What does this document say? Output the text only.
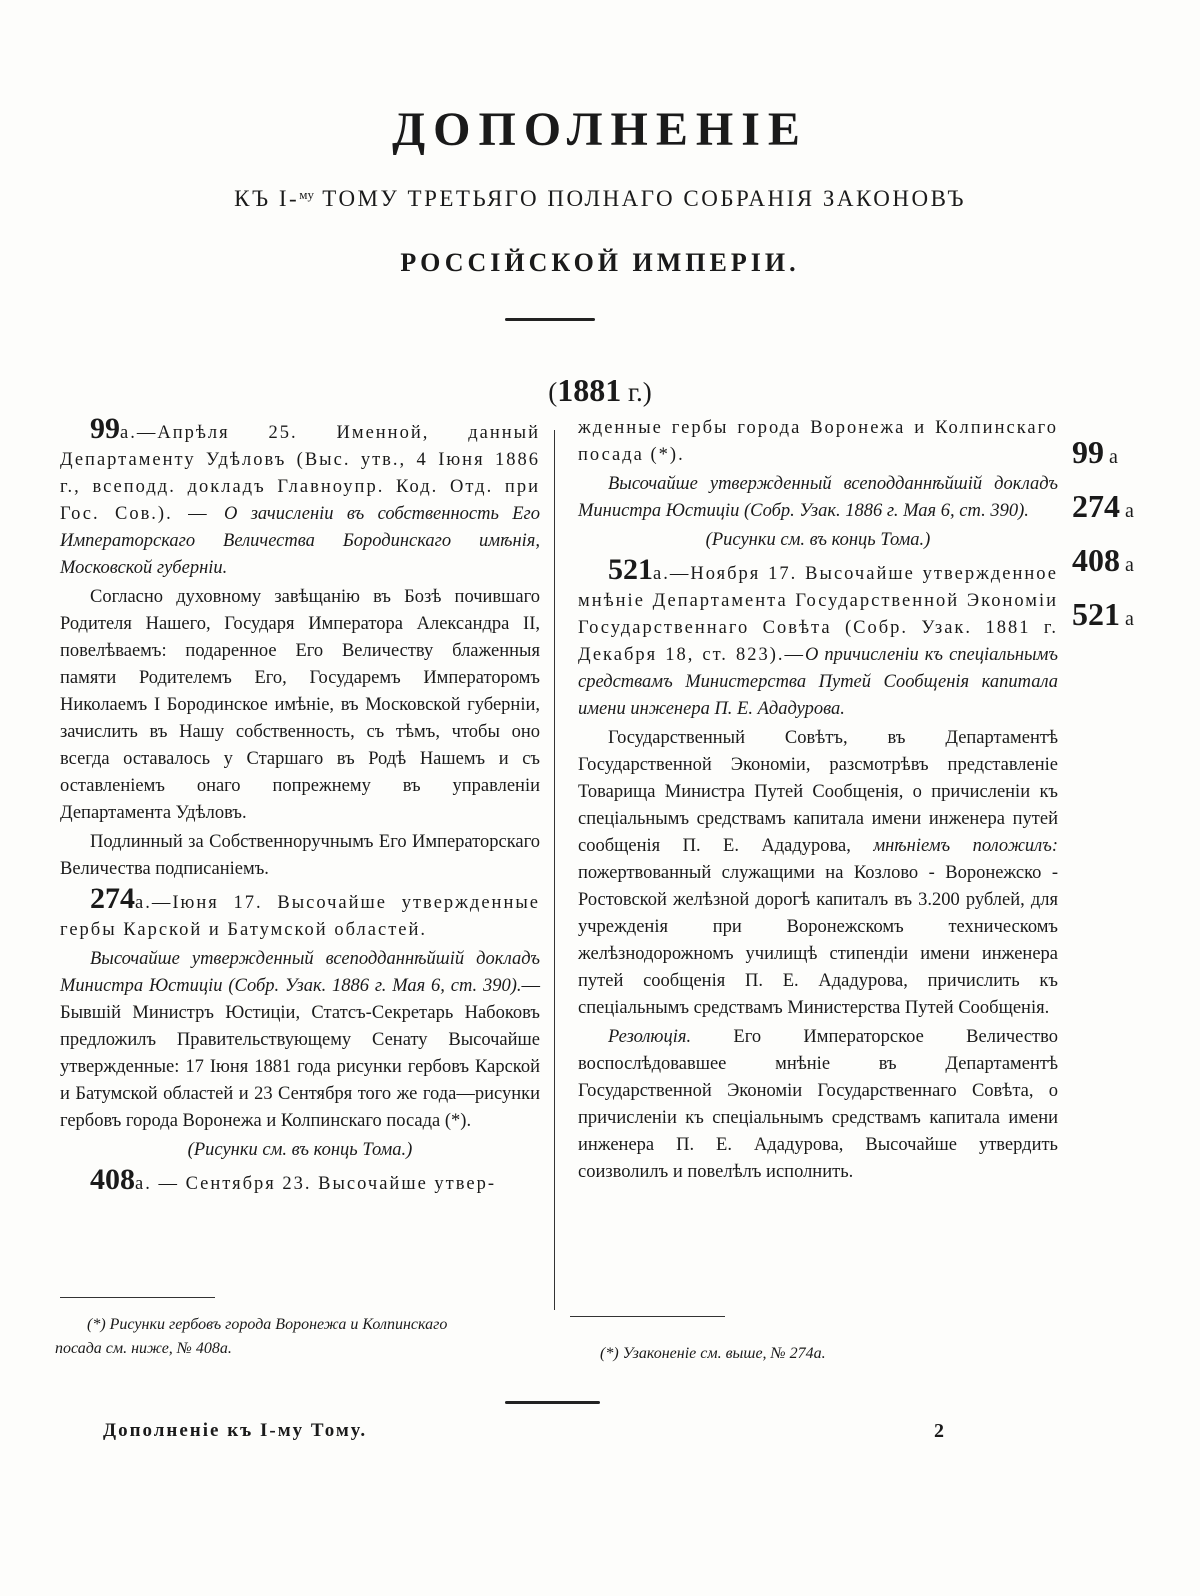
ДОПОЛНЕНIЕ
КЪ I-$^{му}$ ТОМУ ТРЕТЬЯГО ПОЛНАГО СОБРАНIЯ ЗАКОНОВЪ
РОССIЙСКОЙ ИМПЕРIИ.
(1881 г.)

99а.—Апрѣля 25. Именной, данный Департаменту Удѣловъ (Выс. утв., 4 Iюня 1886 г., всеподд. докладъ Главноупр. Код. Отд. при Гос. Сов.). — О зачисленiи въ собственность Его Императорскаго Величества Бородинскаго имѣнiя, Московской губернiи.

Согласно духовному завѣщанiю въ Бозѣ почившаго Родителя Нашего, Государя Императора Александра II, повелѣваемъ: подаренное Его Величеству блаженныя памяти Родителемъ Его, Государемъ Императоромъ Николаемъ I Бородинское имѣнiе, въ Московской губернiи, зачислить въ Нашу собственность, съ тѣмъ, чтобы оно всегда оставалось у Старшаго въ Родѣ Нашемъ и съ оставленiемъ онаго попрежнему въ управленiи Департамента Удѣловъ.

Подлинный за Собственноручнымъ Его Императорскаго Величества подписанiемъ.

274а.—Iюня 17. Высочайше утвержденные гербы Карской и Батумской областей.

Высочайше утвержденный всеподданнѣйшiй докладъ Министра Юстицiи (Собр. Узак. 1886 г. Мая 6, ст. 390).—Бывшiй Министръ Юстицiи, Статсъ-Секретарь Набоковъ предложилъ Правительствующему Сенату Высочайше утвержденные: 17 Iюня 1881 года рисунки гербовъ Карской и Батумской областей и 23 Сентября того же года—рисунки гербовъ города Воронежа и Колпинскаго посада (*).

(Рисунки см. въ конць Тома.)

408а. — Сентября 23. Высочайше утвер-

жденные гербы города Воронежа и Колпинскаго посада (*).

Высочайше утвержденный всеподданнѣйшiй докладъ Министра Юстицiи (Собр. Узак. 1886 г. Мая 6, ст. 390).

(Рисунки см. въ конць Тома.)

521а.—Ноября 17. Высочайше утвержденное мнѣнiе Департамента Государственной Экономiи Государственнаго Совѣта (Собр. Узак. 1881 г. Декабря 18, ст. 823).—О причисленiи къ спецiальнымъ средствамъ Министерства Путей Сообщенiя капитала имени инженера П. Е. Ададурова.

Государственный Совѣтъ, въ Департаментѣ Государственной Экономiи, разсмотрѣвъ представленiе Товарища Министра Путей Сообщенiя, о причисленiи къ спецiальнымъ средствамъ капитала имени инженера путей сообщенiя П. Е. Ададурова, мнѣнiемъ положилъ: пожертвованный служащими на Козлово - Воронежско - Ростовской желѣзной дорогѣ капиталъ въ 3.200 рублей, для учрежденiя при Воронежскомъ техническомъ желѣзнодорожномъ училищѣ стипендiи имени инженера путей сообщенiя П. Е. Ададурова, причислить къ спецiальнымъ средствамъ Министерства Путей Сообщенiя.

Резолюцiя. Его Императорское Величество воспослѣдовавшее мнѣнiе въ Департаментѣ Государственной Экономiи Государственнаго Совѣта, о причисленiи къ спецiальнымъ средствамъ капитала имени инженера П. Е. Ададурова, Высочайше утвердить соизволилъ и повелѣлъ исполнить.

99 а
274 а
408 а
521 а
(*) Рисунки гербовъ города Воронежа и Колпинскаго
посада см. ниже, № 408а.	(*) Узаконенiе см. выше, № 274а.
Дополненiе къ I-му Тому.	2
